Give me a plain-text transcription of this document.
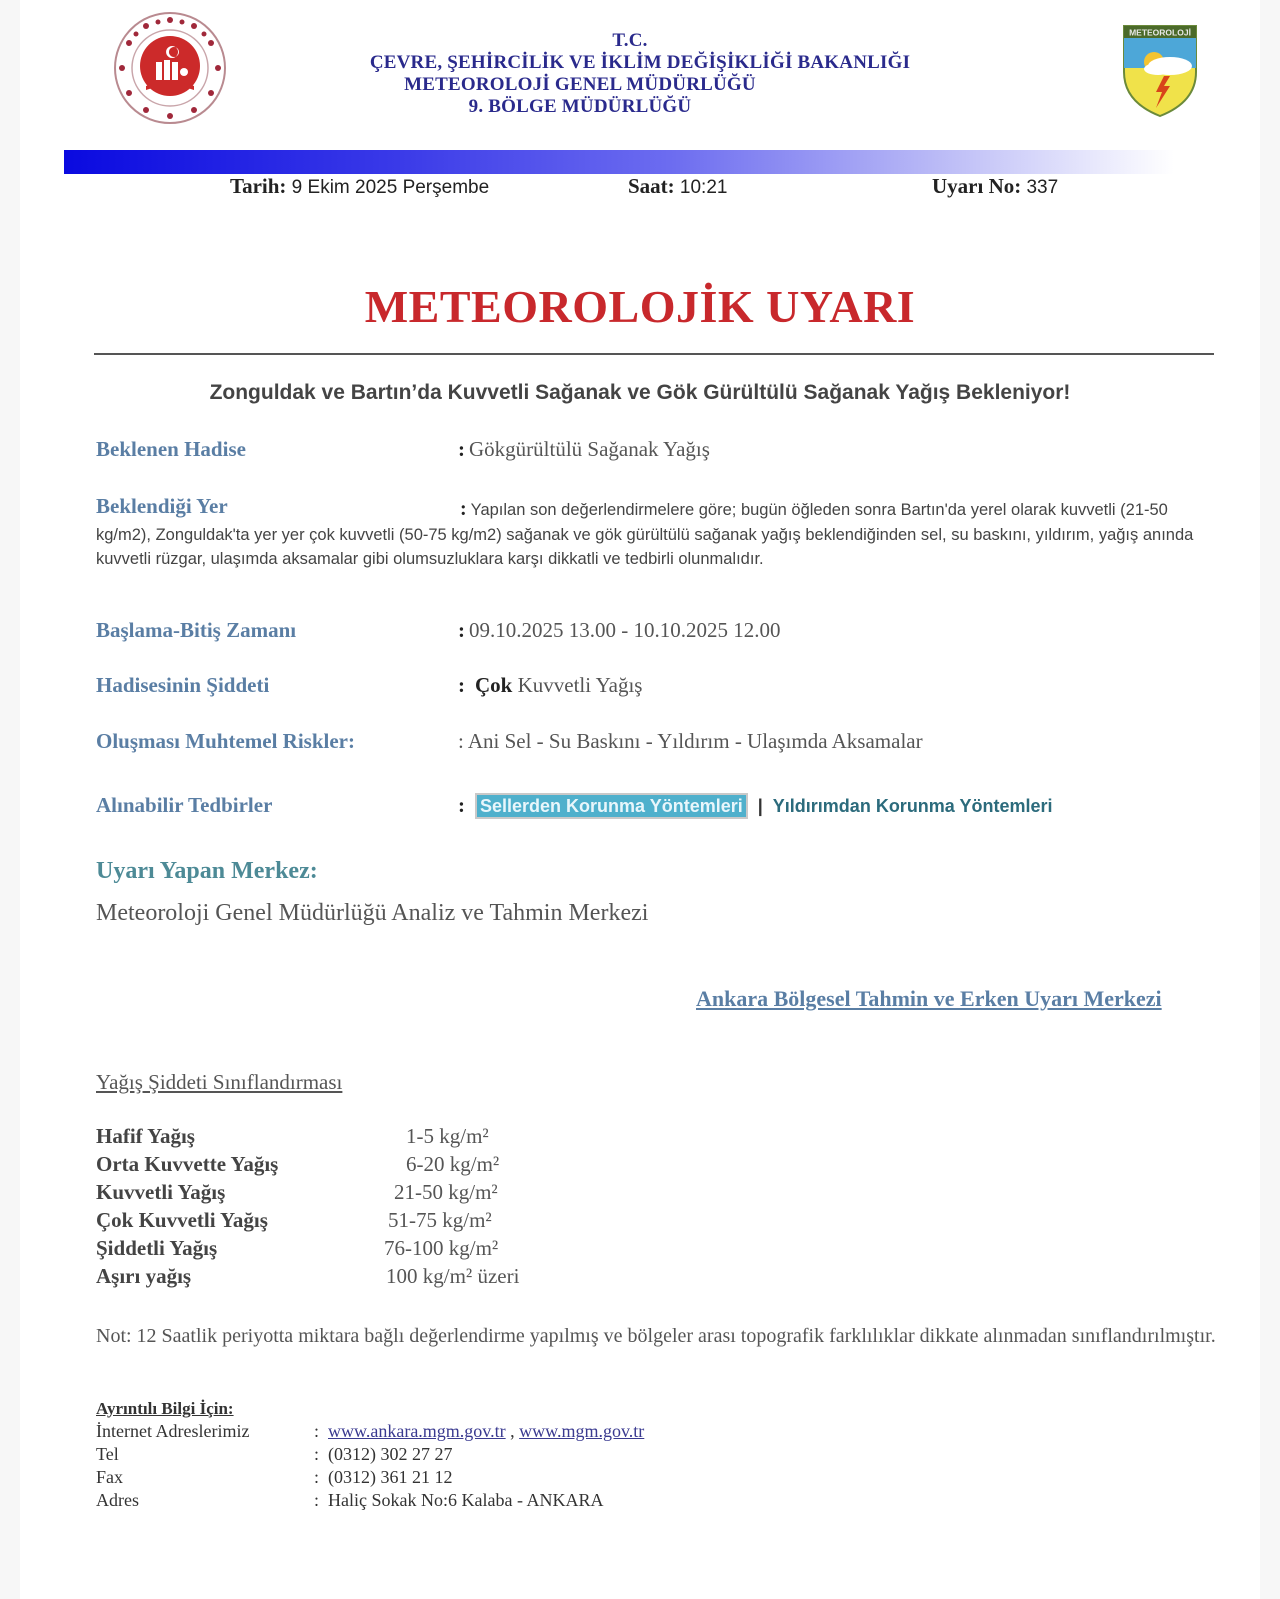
T.C.
ÇEVRE, ŞEHİRCİLİK VE İKLİM DEĞİŞİKLİĞİ BAKANLIĞI
METEOROLOJİ GENEL MÜDÜRLÜĞÜ
9. BÖLGE MÜDÜRLÜĞÜ
METEOROLOJİ
Tarih: 9 Ekim 2025 Perşembe	Saat: 10:21	Uyarı No: 337
METEOROLOJİK UYARI
Zonguldak ve Bartın’da Kuvvetli Sağanak ve Gök Gürültülü Sağanak Yağış Bekleniyor!
Beklenen Hadise	: Gökgürültülü Sağanak Yağış
Beklendiği Yer	: Yapılan son değerlendirmelere göre; bugün öğleden sonra Bartın'da yerel olarak kuvvetli (21-50 kg/m2), Zonguldak'ta yer yer çok kuvvetli (50-75 kg/m2) sağanak ve gök gürültülü sağanak yağış beklendiğinden sel, su baskını, yıldırım, yağış anında kuvvetli rüzgar, ulaşımda aksamalar gibi olumsuzluklara karşı dikkatli ve tedbirli olunmalıdır.
Başlama-Bitiş Zamanı	: 09.10.2025 13.00 - 10.10.2025 12.00
Hadisesinin Şiddeti	: Çok Kuvvetli Yağış
Oluşması Muhtemel Riskler:	: Ani Sel - Su Baskını - Yıldırım - Ulaşımda Aksamalar
Alınabilir Tedbirler	: Sellerden Korunma Yöntemleri | Yıldırımdan Korunma Yöntemleri
Uyarı Yapan Merkez:
Meteoroloji Genel Müdürlüğü Analiz ve Tahmin Merkezi
Ankara Bölgesel Tahmin ve Erken Uyarı Merkezi
Yağış Şiddeti Sınıflandırması
Hafif Yağış	1-5 kg/m²
Orta Kuvvette Yağış	6-20 kg/m²
Kuvvetli Yağış	21-50 kg/m²
Çok Kuvvetli Yağış	51-75 kg/m²
Şiddetli Yağış	76-100 kg/m²
Aşırı yağış	100 kg/m² üzeri
Not: 12 Saatlik periyotta miktara bağlı değerlendirme yapılmış ve bölgeler arası topografik farklılıklar dikkate alınmadan sınıflandırılmıştır.
Ayrıntılı Bilgi İçin:
İnternet Adreslerimiz	: www.ankara.mgm.gov.tr , www.mgm.gov.tr
Tel	: (0312) 302 27 27
Fax	: (0312) 361 21 12
Adres	: Haliç Sokak No:6 Kalaba - ANKARA
